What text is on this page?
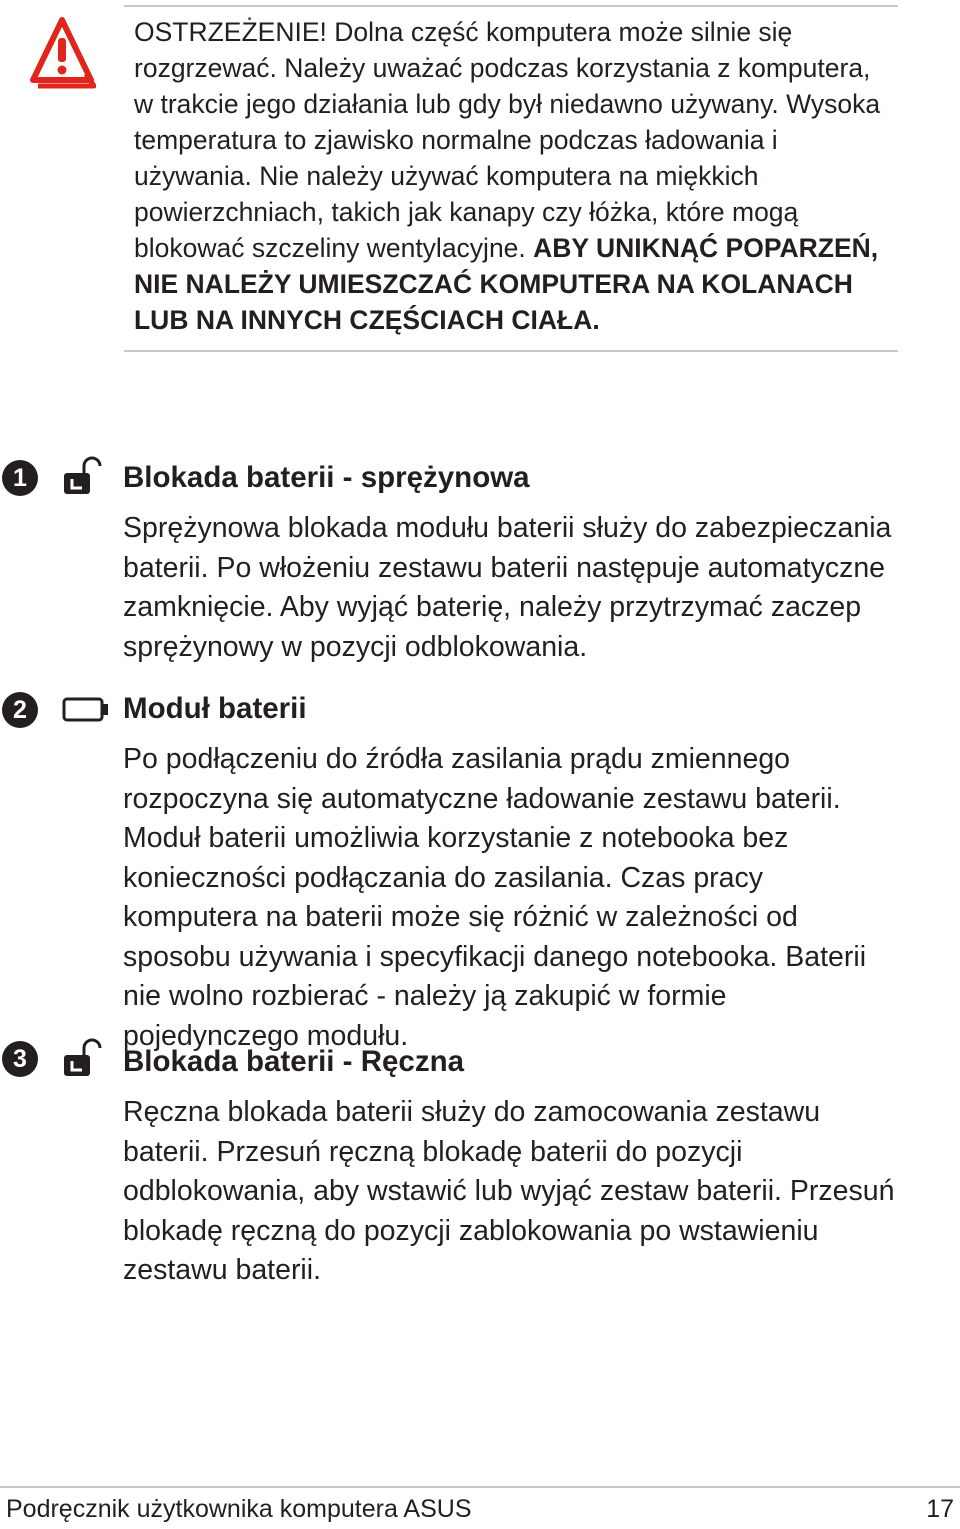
OSTRZEŻENIE! Dolna część komputera może silnie się rozgrzewać. Należy uważać podczas korzystania z komputera, w trakcie jego działania lub gdy był niedawno używany. Wysoka temperatura to zjawisko normalne podczas ładowania i używania. Nie należy używać komputera na miękkich powierzchniach, takich jak kanapy czy łóżka, które mogą blokować szczeliny wentylacyjne. ABY UNIKNĄĆ POPARZEŃ, NIE NALEŻY UMIESZCZAĆ KOMPUTERA NA KOLANACH LUB NA INNYCH CZĘŚCIACH CIAŁA.
1	Blokada baterii - sprężynowa
Sprężynowa blokada modułu baterii służy do zabezpieczania baterii. Po włożeniu zestawu baterii następuje automatyczne zamknięcie. Aby wyjąć baterię, należy przytrzymać zaczep sprężynowy w pozycji odblokowania.
2	Moduł baterii
Po podłączeniu do źródła zasilania prądu zmiennego rozpoczyna się automatyczne ładowanie zestawu baterii. Moduł baterii umożliwia korzystanie z notebooka bez konieczności podłączania do zasilania. Czas pracy komputera na baterii może się różnić w zależności od sposobu używania i specyfikacji danego notebooka. Baterii nie wolno rozbierać - należy ją zakupić w formie pojedynczego modułu.
3	Blokada baterii - Ręczna
Ręczna blokada baterii służy do zamocowania zestawu baterii. Przesuń ręczną blokadę baterii do pozycji odblokowania, aby wstawić lub wyjąć zestaw baterii. Przesuń blokadę ręczną do pozycji zablokowania po wstawieniu zestawu baterii.
Podręcznik użytkownika komputera ASUS	17
